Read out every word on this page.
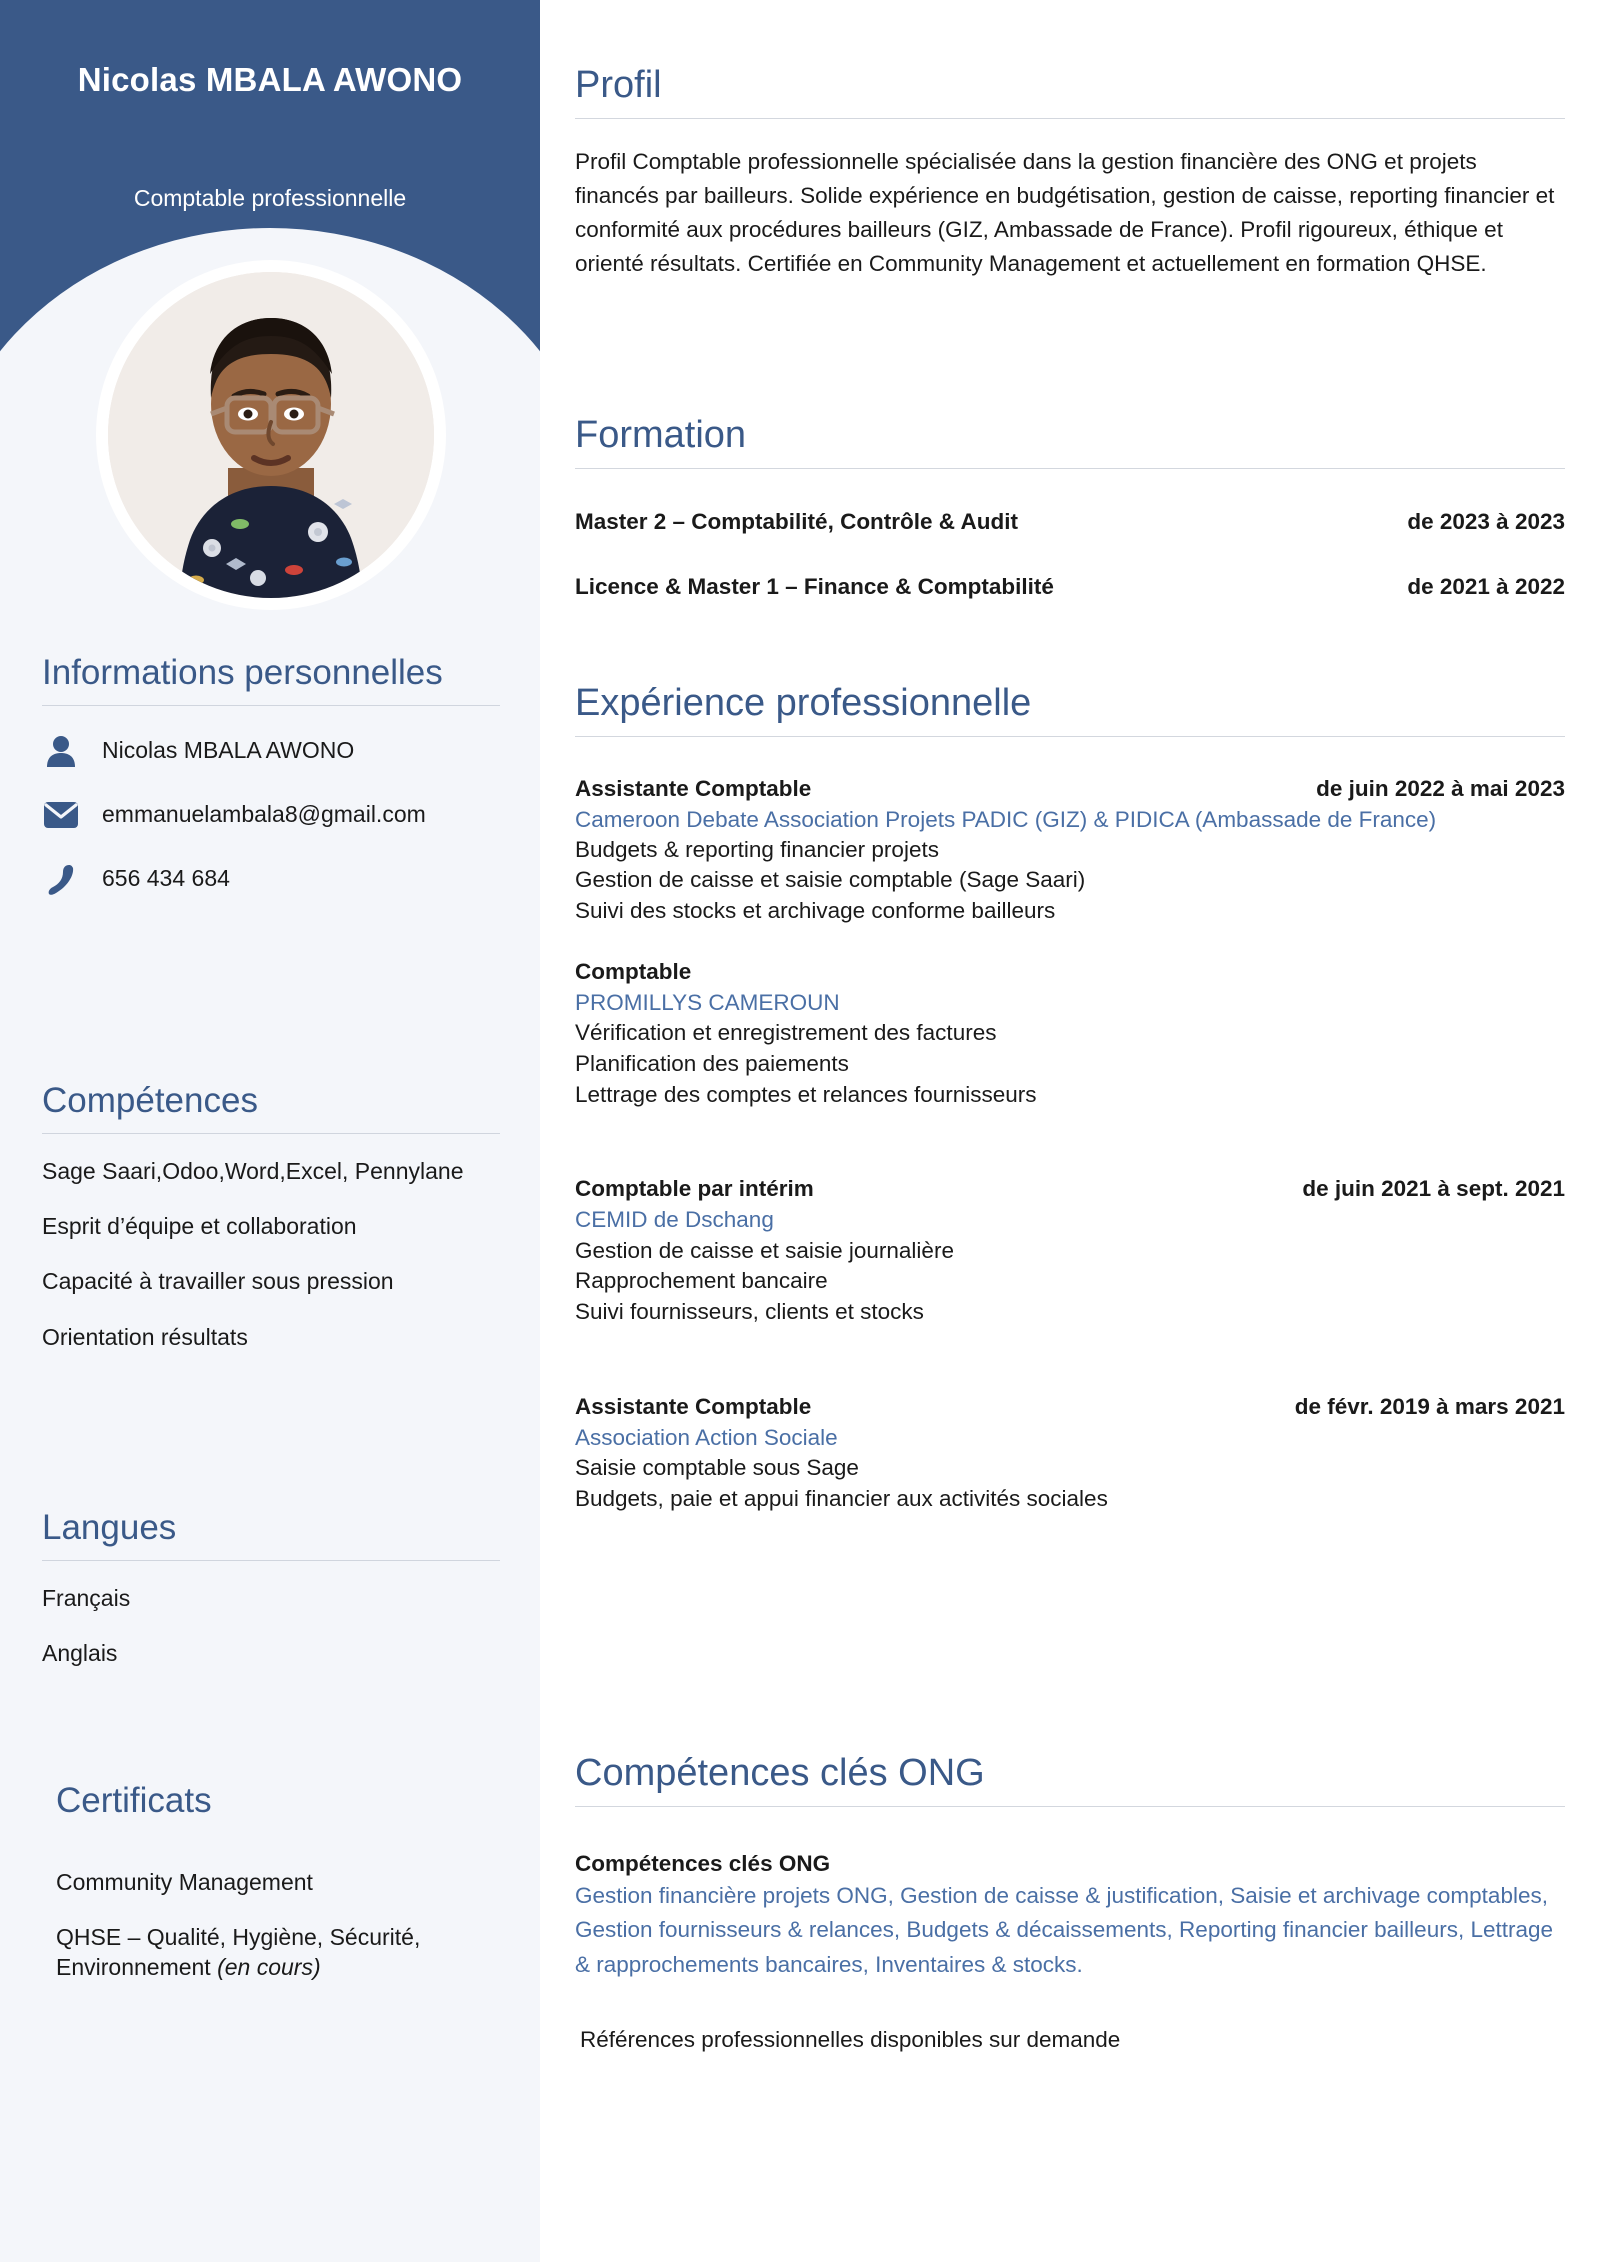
Nicolas MBALA AWONO
Comptable professionnelle
Informations personnelles
Nicolas MBALA AWONO
emmanuelambala8@gmail.com
656 434 684
Compétences
Sage Saari,Odoo,Word,Excel, Pennylane
Esprit d’équipe et collaboration
Capacité à travailler sous pression
Orientation résultats
Langues
Français
Anglais
Certificats
Community Management
QHSE – Qualité, Hygiène, Sécurité, Environnement (en cours)
Profil
Profil Comptable professionnelle spécialisée dans la gestion financière des ONG et projets financés par bailleurs. Solide expérience en budgétisation, gestion de caisse, reporting financier et conformité aux procédures bailleurs (GIZ, Ambassade de France). Profil rigoureux, éthique et orienté résultats. Certifiée en Community Management et actuellement en formation QHSE.
Formation
Master 2 – Comptabilité, Contrôle & Audit	de 2023 à 2023
Licence & Master 1 – Finance & Comptabilité	de 2021 à 2022
Expérience professionnelle
Assistante Comptable	de juin 2022 à mai 2023
Cameroon Debate Association Projets PADIC (GIZ) & PIDICA (Ambassade de France)
Budgets & reporting financier projets
Gestion de caisse et saisie comptable (Sage Saari)
Suivi des stocks et archivage conforme bailleurs
Comptable
PROMILLYS CAMEROUN
Vérification et enregistrement des factures
Planification des paiements
Lettrage des comptes et relances fournisseurs
Comptable par intérim	de juin 2021 à sept. 2021
CEMID de Dschang
Gestion de caisse et saisie journalière
Rapprochement bancaire
Suivi fournisseurs, clients et stocks
Assistante Comptable	de févr. 2019 à mars 2021
Association Action Sociale
Saisie comptable sous Sage
Budgets, paie et appui financier aux activités sociales
Compétences clés ONG
Compétences clés ONG
Gestion financière projets ONG, Gestion de caisse & justification, Saisie et archivage comptables, Gestion fournisseurs & relances, Budgets & décaissements, Reporting financier bailleurs, Lettrage & rapprochements bancaires, Inventaires & stocks.
Références professionnelles disponibles sur demande
